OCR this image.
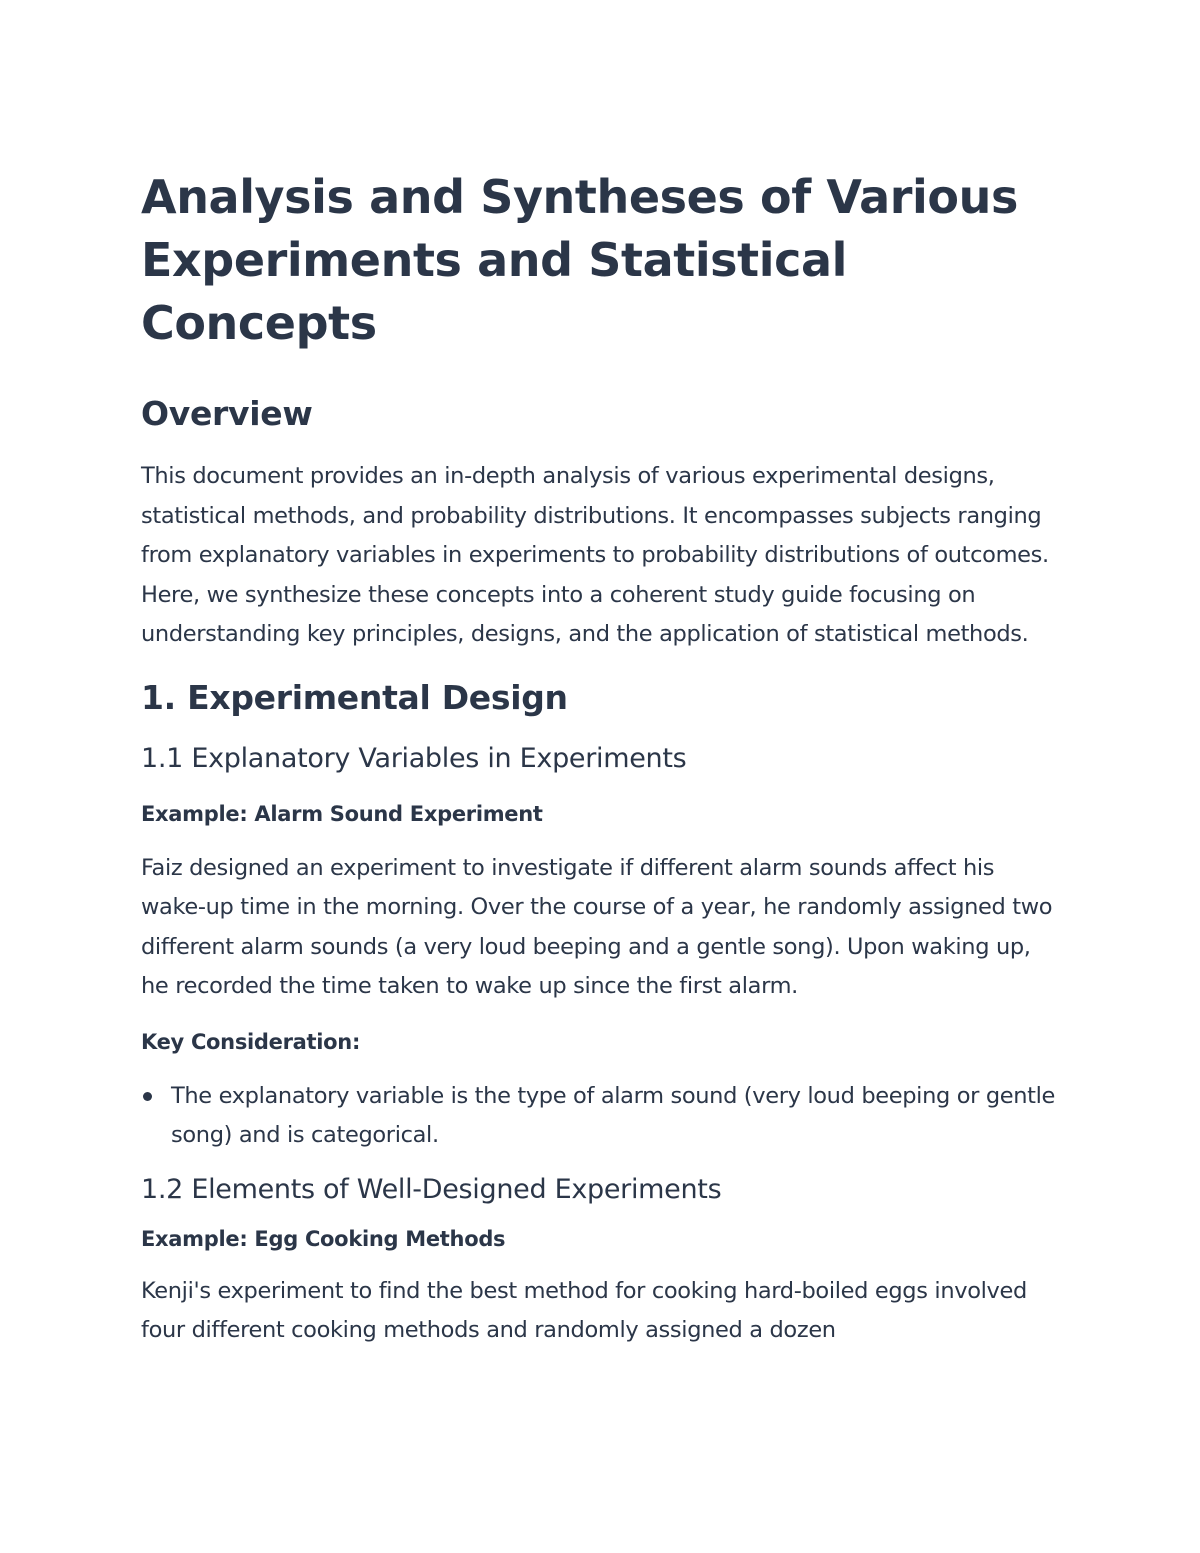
Analysis and Syntheses of Various Experiments and Statistical Concepts
Overview

This document provides an in-depth analysis of various experimental designs, statistical methods, and probability distributions. It encompasses subjects ranging from explanatory variables in experiments to probability distributions of outcomes. Here, we synthesize these concepts into a coherent study guide focusing on understanding key principles, designs, and the application of statistical methods.

1. Experimental Design
1.1 Explanatory Variables in Experiments
Example: Alarm Sound Experiment

Faiz designed an experiment to investigate if different alarm sounds affect his wake-up time in the morning. Over the course of a year, he randomly assigned two different alarm sounds (a very loud beeping and a gentle song). Upon waking up, he recorded the time taken to wake up since the first alarm.

Key Consideration:
The explanatory variable is the type of alarm sound (very loud beeping or gentle song) and is categorical.
1.2 Elements of Well-Designed Experiments
Example: Egg Cooking Methods

Kenji's experiment to find the best method for cooking hard-boiled eggs involved four different cooking methods and randomly assigned a dozen
